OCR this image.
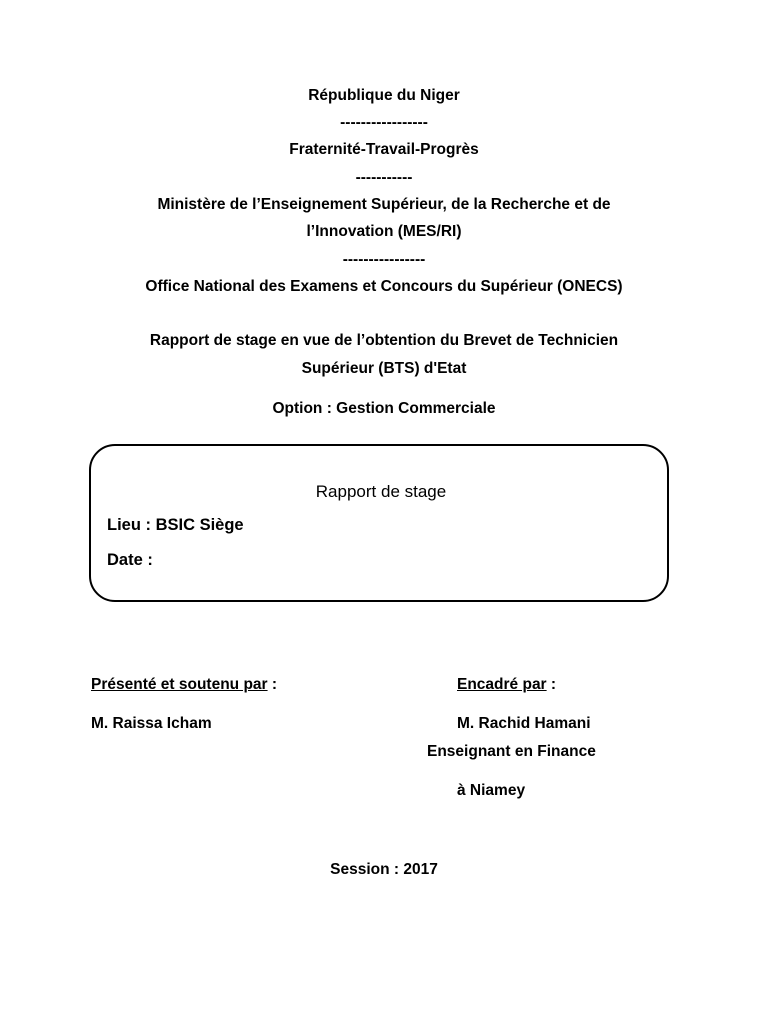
République du Niger
-----------------
Fraternité-Travail-Progrès
-----------
Ministère de l’Enseignement Supérieur, de la Recherche et de
l’Innovation (MES/RI)
----------------
Office National des Examens et Concours du Supérieur (ONECS)
Rapport de stage en vue de l’obtention du Brevet de Technicien
Supérieur (BTS) d'Etat
Option : Gestion Commerciale
Rapport de stage
Lieu : BSIC Siège
Date :
Présenté et soutenu par :	Encadré par :
M. Raissa Icham	M. Rachid Hamani
Enseignant en Finance
à Niamey
Session : 2017
